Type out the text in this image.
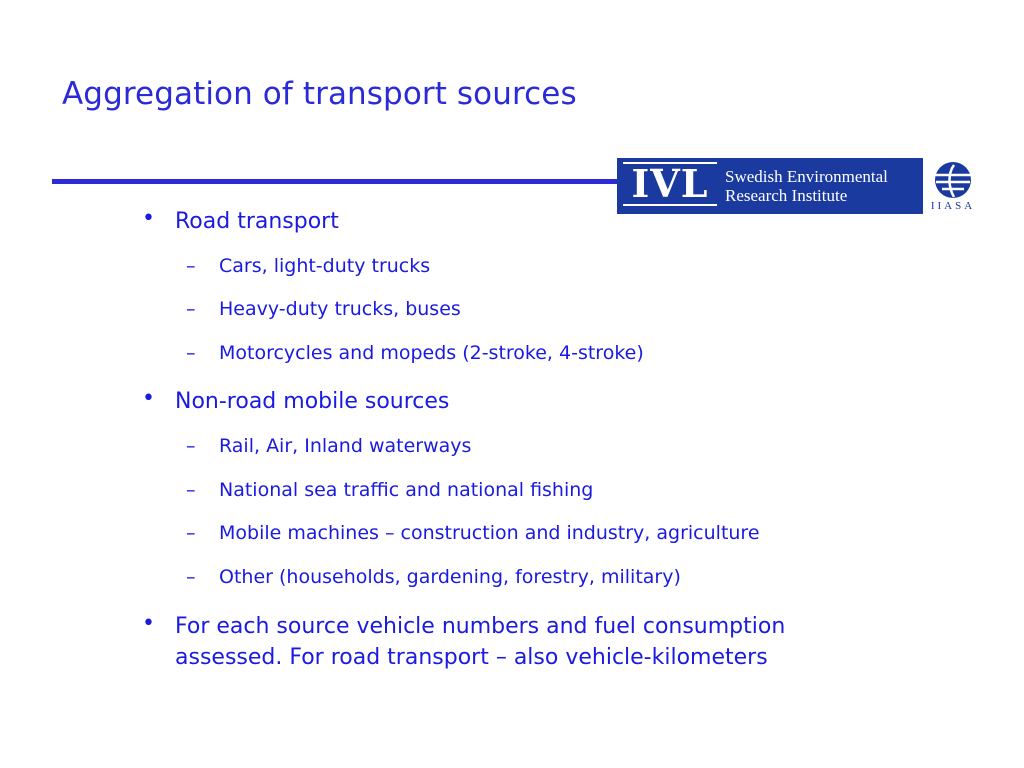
Aggregation of transport sources
IVL Swedish Environmental
Research Institute
IIASA
• Road transport
– Cars, light-duty trucks
– Heavy-duty trucks, buses
– Motorcycles and mopeds (2-stroke, 4-stroke)
• Non-road mobile sources
– Rail, Air, Inland waterways
– National sea traffic and national fishing
– Mobile machines – construction and industry, agriculture
– Other (households, gardening, forestry, military)
• For each source vehicle numbers and fuel consumption
assessed. For road transport – also vehicle-kilometers
